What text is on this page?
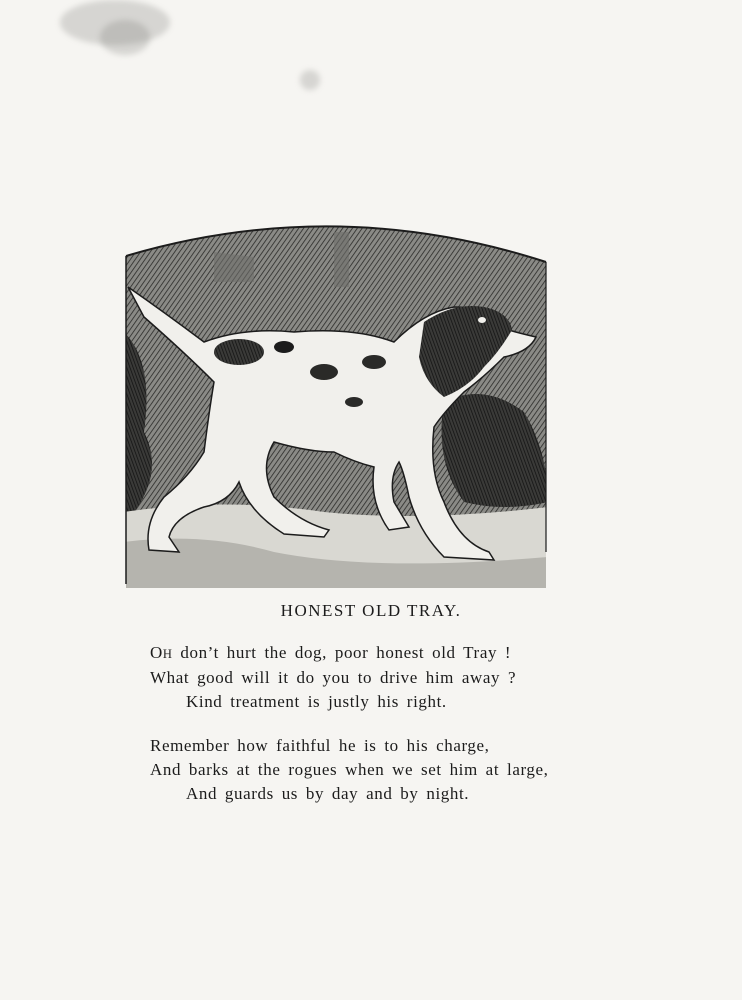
HONEST OLD TRAY.
OH don’t hurt the dog, poor honest old Tray !
What good will it do you to drive him away ?
Kind treatment is justly his right.
Remember how faithful he is to his charge,
And barks at the rogues when we set him at large,
And guards us by day and by night.
